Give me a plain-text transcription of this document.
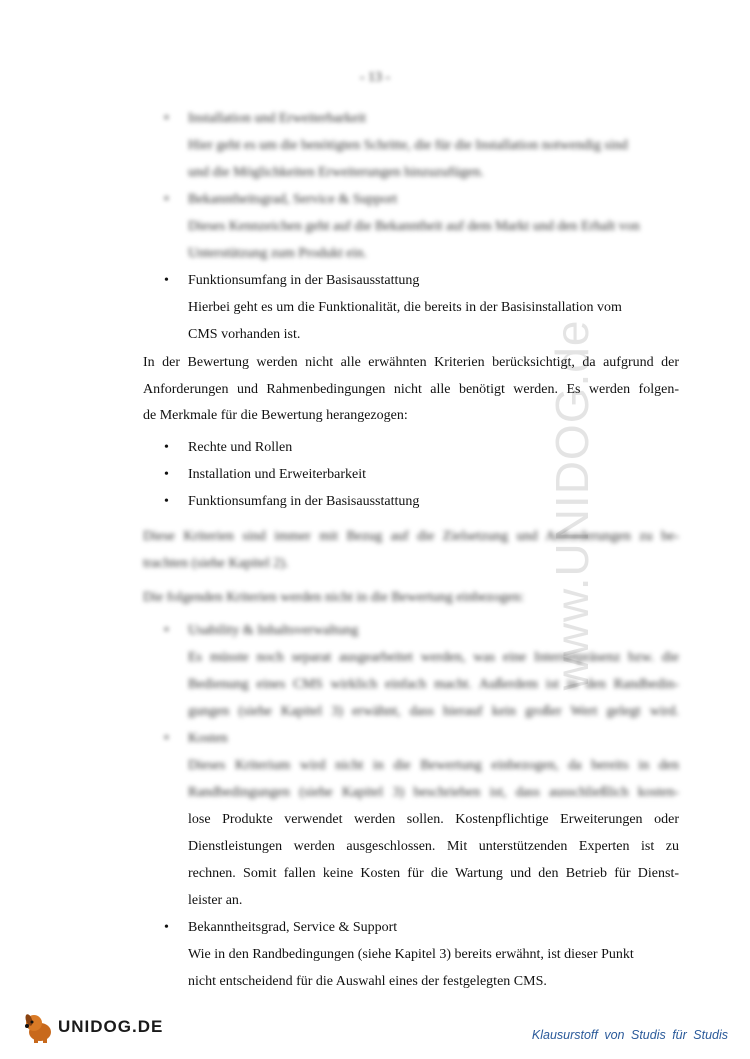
- 13 -
www.UNIDOG.de
•	Installation und Erweiterbarkeit
Hier geht es um die benötigten Schritte, die für die Installation notwendig sind
und die Möglichkeiten Erweiterungen hinzuzufügen.
•	Bekanntheitsgrad, Service & Support
Dieses Kennzeichen geht auf die Bekanntheit auf dem Markt und den Erhalt von
Unterstützung zum Produkt ein.
•	Funktionsumfang in der Basisausstattung
Hierbei geht es um die Funktionalität, die bereits in der Basisinstallation vom
CMS vorhanden ist.
In der Bewertung werden nicht alle erwähnten Kriterien berücksichtigt, da aufgrund der
Anforderungen und Rahmenbedingungen nicht alle benötigt werden. Es werden folgen-
de Merkmale für die Bewertung herangezogen:
•	Rechte und Rollen
•	Installation und Erweiterbarkeit
•	Funktionsumfang in der Basisausstattung
Diese Kriterien sind immer mit Bezug auf die Zielsetzung und Anforderungen zu be-
trachten (siehe Kapitel 2).
Die folgenden Kriterien werden nicht in die Bewertung einbezogen:
•	Usability & Inhaltsverwaltung
Es müsste noch separat ausgearbeitet werden, was eine Internetpräsenz bzw. die
Bedienung eines CMS wirklich einfach macht. Außerdem ist in den Randbedin-
gungen (siehe Kapitel 3) erwähnt, dass hierauf kein großer Wert gelegt wird.
•	Kosten
Dieses Kriterium wird nicht in die Bewertung einbezogen, da bereits in den
Randbedingungen (siehe Kapitel 3) beschrieben ist, dass ausschließlich kosten-
lose Produkte verwendet werden sollen. Kostenpflichtige Erweiterungen oder
Dienstleistungen werden ausgeschlossen. Mit unterstützenden Experten ist zu
rechnen. Somit fallen keine Kosten für die Wartung und den Betrieb für Dienst-
leister an.
•	Bekanntheitsgrad, Service & Support
Wie in den Randbedingungen (siehe Kapitel 3) bereits erwähnt, ist dieser Punkt
nicht entscheidend für die Auswahl eines der festgelegten CMS.
UNIDOG.DE	Klausurstoff von Studis für Studis
